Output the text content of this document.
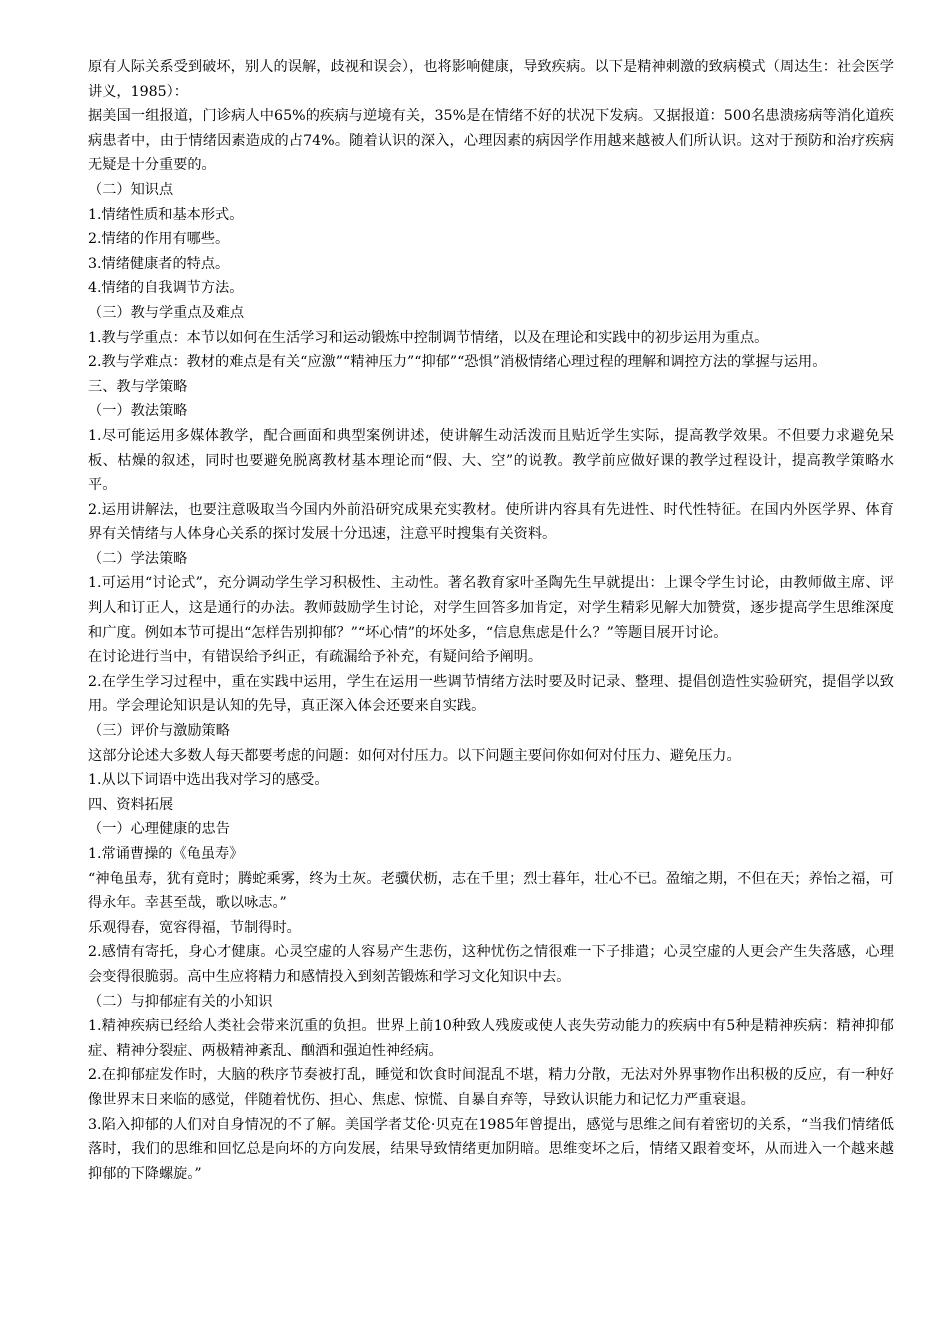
原有人际关系受到破坏，别人的误解，歧视和误会），也将影响健康，导致疾病。以下是精神刺激的致病模式（周达生：社会医学讲义，1985）：

据美国一组报道，门诊病人中65%的疾病与逆境有关，35%是在情绪不好的状况下发病。又据报道：500名患溃疡病等消化道疾病患者中，由于情绪因素造成的占74%。随着认识的深入，心理因素的病因学作用越来越被人们所认识。这对于预防和治疗疾病无疑是十分重要的。

（二）知识点

1.情绪性质和基本形式。

2.情绪的作用有哪些。

3.情绪健康者的特点。

4.情绪的自我调节方法。

（三）教与学重点及难点

1.教与学重点：本节以如何在生活学习和运动锻炼中控制调节情绪，以及在理论和实践中的初步运用为重点。

2.教与学难点：教材的难点是有关“应激”“精神压力”“抑郁”“恐惧”消极情绪心理过程的理解和调控方法的掌握与运用。

三、教与学策略

（一）教法策略

1.尽可能运用多媒体教学，配合画面和典型案例讲述，使讲解生动活泼而且贴近学生实际，提高教学效果。不但要力求避免呆板、枯燥的叙述，同时也要避免脱离教材基本理论而“假、大、空”的说教。教学前应做好课的教学过程设计，提高教学策略水平。

2.运用讲解法，也要注意吸取当今国内外前沿研究成果充实教材。使所讲内容具有先进性、时代性特征。在国内外医学界、体育界有关情绪与人体身心关系的探讨发展十分迅速，注意平时搜集有关资料。

（二）学法策略

1.可运用“讨论式”，充分调动学生学习积极性、主动性。著名教育家叶圣陶先生早就提出：上课令学生讨论，由教师做主席、评判人和订正人，这是通行的办法。教师鼓励学生讨论，对学生回答多加肯定，对学生精彩见解大加赞赏，逐步提高学生思维深度和广度。例如本节可提出“怎样告别抑郁？”“坏心情”的坏处多，“信息焦虑是什么？”等题目展开讨论。

在讨论进行当中，有错误给予纠正，有疏漏给予补充，有疑问给予阐明。

2.在学生学习过程中，重在实践中运用，学生在运用一些调节情绪方法时要及时记录、整理、提倡创造性实验研究，提倡学以致用。学会理论知识是认知的先导，真正深入体会还要来自实践。

（三）评价与激励策略

这部分论述大多数人每天都要考虑的问题：如何对付压力。以下问题主要问你如何对付压力、避免压力。

1.从以下词语中选出我对学习的感受。

四、资料拓展

（一）心理健康的忠告

1.常诵曹操的《龟虽寿》

“神龟虽寿，犹有竟时；腾蛇乘雾，终为土灰。老骥伏枥，志在千里；烈士暮年，壮心不已。盈缩之期，不但在天；养怡之福，可得永年。幸甚至哉，歌以咏志。”

乐观得春，宽容得福，节制得时。

2.感情有寄托，身心才健康。心灵空虚的人容易产生悲伤，这种忧伤之情很难一下子排遣；心灵空虚的人更会产生失落感，心理会变得很脆弱。高中生应将精力和感情投入到刻苦锻炼和学习文化知识中去。

（二）与抑郁症有关的小知识

1.精神疾病已经给人类社会带来沉重的负担。世界上前10种致人残废或使人丧失劳动能力的疾病中有5种是精神疾病：精神抑郁症、精神分裂症、两极精神紊乱、酗酒和强迫性神经病。

2.在抑郁症发作时，大脑的秩序节奏被打乱，睡觉和饮食时间混乱不堪，精力分散，无法对外界事物作出积极的反应，有一种好像世界末日来临的感觉，伴随着忧伤、担心、焦虑、惊慌、自暴自弃等，导致认识能力和记忆力严重衰退。

3.陷入抑郁的人们对自身情况的不了解。美国学者艾伦·贝克在1985年曾提出，感觉与思维之间有着密切的关系，“当我们情绪低落时，我们的思维和回忆总是向坏的方向发展，结果导致情绪更加阴暗。思维变坏之后，情绪又跟着变坏，从而进入一个越来越抑郁的下降螺旋。”
